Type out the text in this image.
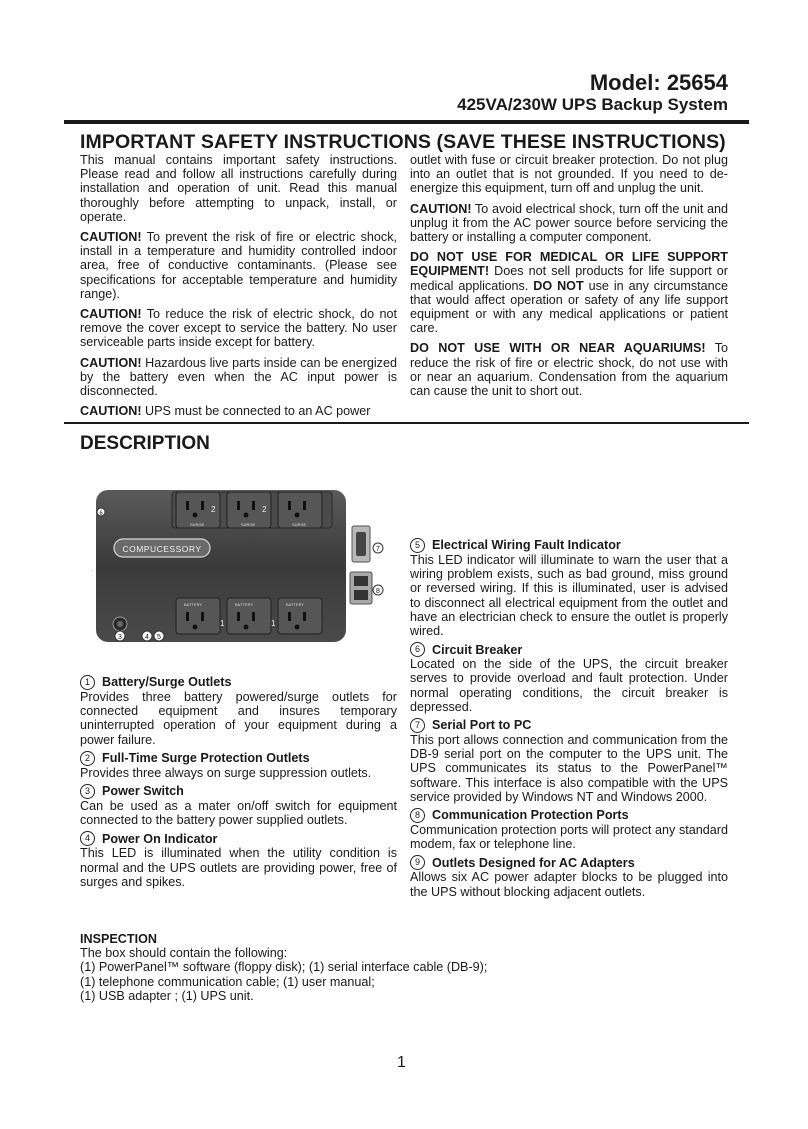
Model: 25654
425VA/230W UPS Backup System
IMPORTANT SAFETY INSTRUCTIONS (SAVE THESE INSTRUCTIONS)

This manual contains important safety instructions. Please read and follow all instructions carefully during installation and operation of unit. Read this manual thoroughly before attempting to unpack, install, or operate.

CAUTION! To prevent the risk of fire or electric shock, install in a temperature and humidity controlled indoor area, free of conductive contaminants. (Please see specifications for acceptable temperature and humidity range).

CAUTION! To reduce the risk of electric shock, do not remove the cover except to service the battery. No user serviceable parts inside except for battery.

CAUTION! Hazardous live parts inside can be energized by the battery even when the AC input power is disconnected.

CAUTION! UPS must be connected to an AC power

outlet with fuse or circuit breaker protection. Do not plug into an outlet that is not grounded. If you need to de-energize this equipment, turn off and unplug the unit.

CAUTION! To avoid electrical shock, turn off the unit and unplug it from the AC power source before servicing the battery or installing a computer component.

DO NOT USE FOR MEDICAL OR LIFE SUPPORT EQUIPMENT! Does not sell products for life support or medical applications. DO NOT use in any circumstance that would affect operation or safety of any life support equipment or with any medical applications or patient care.

DO NOT USE WITH OR NEAR AQUARIUMS! To reduce the risk of fire or electric shock, do not use with or near an aquarium. Condensation from the aquarium can cause the unit to short out.

DESCRIPTION
2
SURGE
2
SURGE	SURGE
COMPUCESSORY
BATTERY	BATTERY	BATTERY
1	1
3	4 5
6
7
8
1 Battery/Surge Outlets
Provides three battery powered/surge outlets for connected equipment and insures temporary uninterrupted operation of your equipment during a power failure.
2 Full-Time Surge Protection Outlets
Provides three always on surge suppression outlets.
3 Power Switch
Can be used as a mater on/off switch for equipment connected to the battery power supplied outlets.
4 Power On Indicator
This LED is illuminated when the utility condition is normal and the UPS outlets are providing power, free of surges and spikes.
5 Electrical Wiring Fault Indicator
This LED indicator will illuminate to warn the user that a wiring problem exists, such as bad ground, miss ground or reversed wiring. If this is illuminated, user is advised to disconnect all electrical equipment from the outlet and have an electrician check to ensure the outlet is properly wired.
6 Circuit Breaker
Located on the side of the UPS, the circuit breaker serves to provide overload and fault protection. Under normal operating conditions, the circuit breaker is depressed.
7 Serial Port to PC
This port allows connection and communication from the DB-9 serial port on the computer to the UPS unit. The UPS communicates its status to the PowerPanel™ software. This interface is also compatible with the UPS service provided by Windows NT and Windows 2000.
8 Communication Protection Ports
Communication protection ports will protect any standard modem, fax or telephone line.
9 Outlets Designed for AC Adapters
Allows six AC power adapter blocks to be plugged into the UPS without blocking adjacent outlets.
INSPECTION
The box should contain the following:
(1) PowerPanel™ software (floppy disk); (1) serial interface cable (DB-9);
(1) telephone communication cable; (1) user manual;
(1) USB adapter ; (1) UPS unit.
1
